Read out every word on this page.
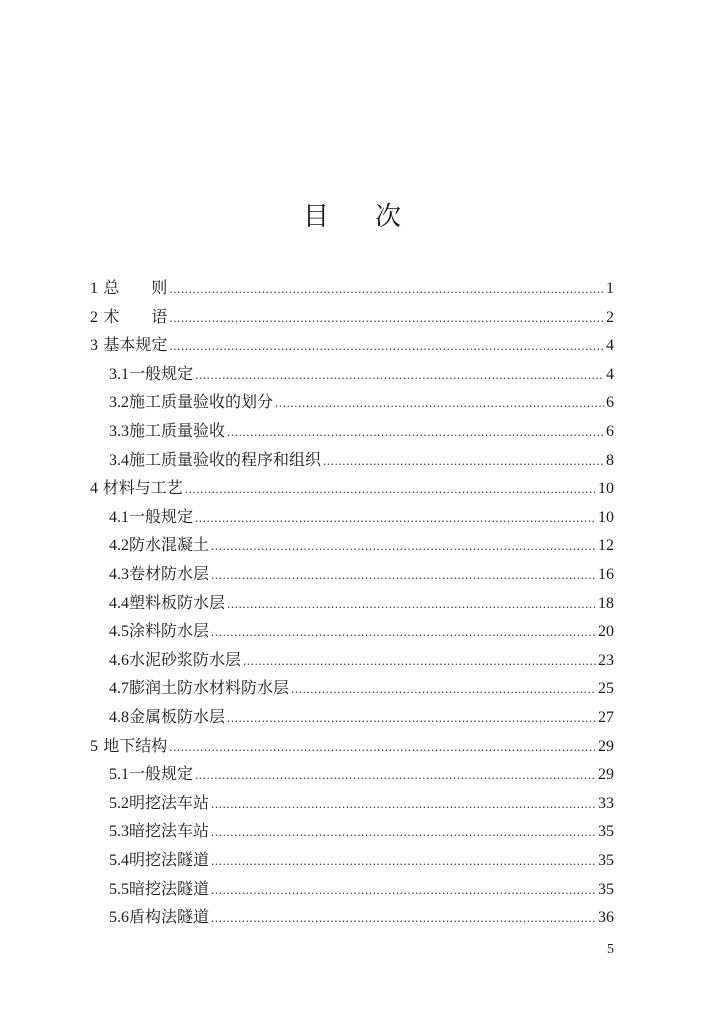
目 次
1 总　　则 .....	1
2 术　　语 .....	2
3 基本规定 .....	4
3.1 一般规定 .....	4
3.2 施工质量验收的划分 .....	6
3.3 施工质量验收 .....	6
3.4 施工质量验收的程序和组织 .....	8
4 材料与工艺 .....	10
4.1 一般规定 .....	10
4.2 防水混凝土 .....	12
4.3 卷材防水层 .....	16
4.4 塑料板防水层 .....	18
4.5 涂料防水层 .....	20
4.6 水泥砂浆防水层 .....	23
4.7 膨润土防水材料防水层 .....	25
4.8 金属板防水层 .....	27
5 地下结构 .....	29
5.1 一般规定 .....	29
5.2 明挖法车站 .....	33
5.3 暗挖法车站 .....	35
5.4 明挖法隧道 .....	35
5.5 暗挖法隧道 .....	35
5.6 盾构法隧道 .....	36
5
